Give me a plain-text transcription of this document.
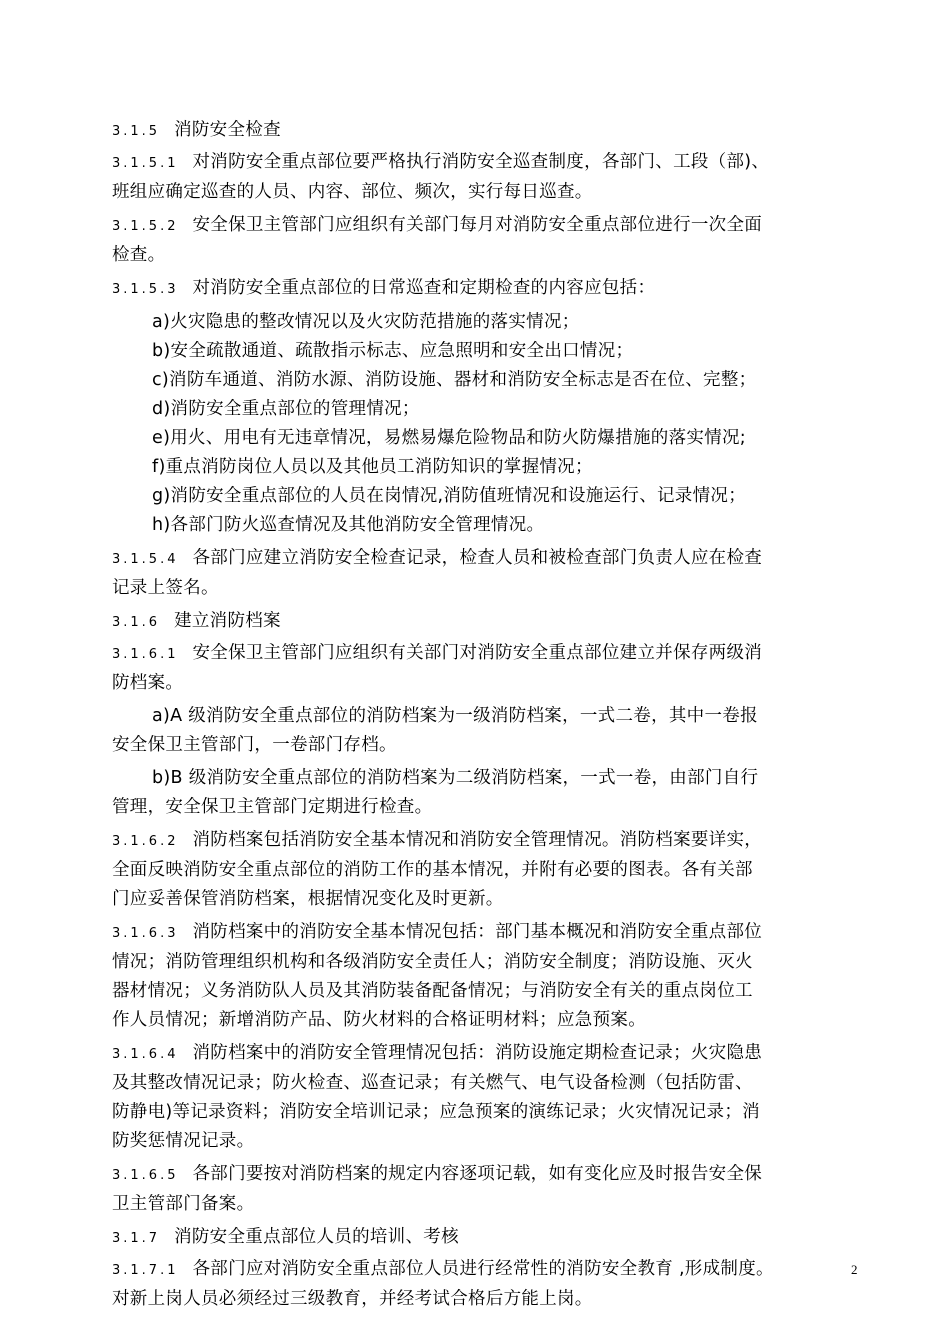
3.1.5 消防安全检查
3.1.5.1 对消防安全重点部位要严格执行消防安全巡查制度，各部门、工段（部)、
班组应确定巡查的人员、内容、部位、频次，实行每日巡查。
3.1.5.2 安全保卫主管部门应组织有关部门每月对消防安全重点部位进行一次全面
检查。
3.1.5.3 对消防安全重点部位的日常巡查和定期检查的内容应包括：
a)火灾隐患的整改情况以及火灾防范措施的落实情况；
b)安全疏散通道、疏散指示标志、应急照明和安全出口情况；
c)消防车通道、消防水源、消防设施、器材和消防安全标志是否在位、完整；
d)消防安全重点部位的管理情况；
e)用火、用电有无违章情况，易燃易爆危险物品和防火防爆措施的落实情况;
f)重点消防岗位人员以及其他员工消防知识的掌握情况；
g)消防安全重点部位的人员在岗情况,消防值班情况和设施运行、记录情况；
h)各部门防火巡查情况及其他消防安全管理情况。
3.1.5.4 各部门应建立消防安全检查记录，检查人员和被检查部门负责人应在检查
记录上签名。
3.1.6 建立消防档案
3.1.6.1 安全保卫主管部门应组织有关部门对消防安全重点部位建立并保存两级消
防档案。
a)A 级消防安全重点部位的消防档案为一级消防档案，一式二卷，其中一卷报
安全保卫主管部门，一卷部门存档。
b)B 级消防安全重点部位的消防档案为二级消防档案，一式一卷，由部门自行
管理，安全保卫主管部门定期进行检查。
3.1.6.2 消防档案包括消防安全基本情况和消防安全管理情况。消防档案要详实，
全面反映消防安全重点部位的消防工作的基本情况，并附有必要的图表。各有关部
门应妥善保管消防档案，根据情况变化及时更新。
3.1.6.3 消防档案中的消防安全基本情况包括：部门基本概况和消防安全重点部位
情况；消防管理组织机构和各级消防安全责任人；消防安全制度；消防设施、灭火
器材情况；义务消防队人员及其消防装备配备情况；与消防安全有关的重点岗位工
作人员情况；新增消防产品、防火材料的合格证明材料；应急预案。
3.1.6.4 消防档案中的消防安全管理情况包括：消防设施定期检查记录；火灾隐患
及其整改情况记录；防火检查、巡查记录；有关燃气、电气设备检测（包括防雷、
防静电)等记录资料；消防安全培训记录；应急预案的演练记录；火灾情况记录；消
防奖惩情况记录。
3.1.6.5 各部门要按对消防档案的规定内容逐项记载，如有变化应及时报告安全保
卫主管部门备案。
3.1.7 消防安全重点部位人员的培训、考核
3.1.7.1 各部门应对消防安全重点部位人员进行经常性的消防安全教育 ,形成制度。
对新上岗人员必须经过三级教育，并经考试合格后方能上岗。
2
